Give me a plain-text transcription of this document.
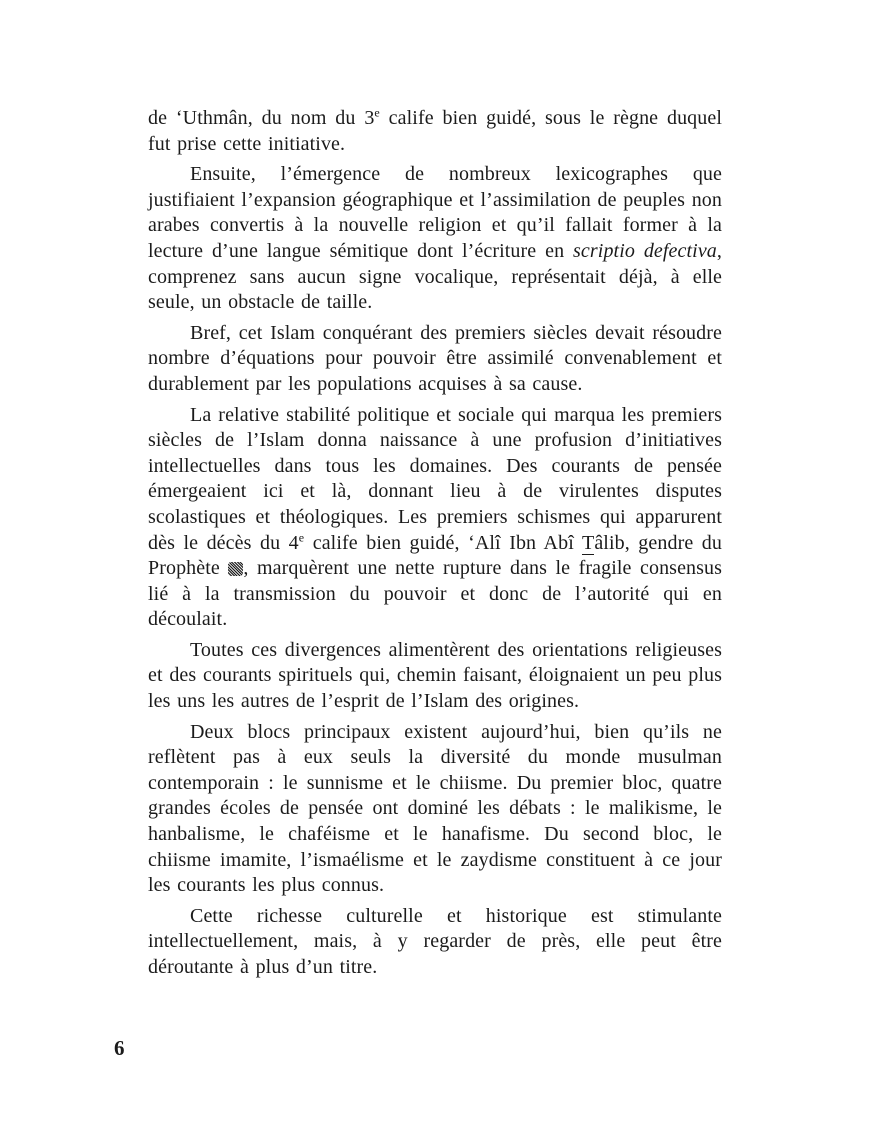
de ‘Uthmân, du nom du 3e calife bien guidé, sous le règne duquel fut prise cette initiative.

Ensuite, l’émergence de nombreux lexicographes que justifiaient l’expansion géographique et l’assimilation de peuples non arabes convertis à la nouvelle religion et qu’il fallait former à la lecture d’une langue sémitique dont l’écriture en scriptio defectiva, comprenez sans aucun signe vocalique, représentait déjà, à elle seule, un obstacle de taille.

Bref, cet Islam conquérant des premiers siècles devait résoudre nombre d’équations pour pouvoir être assimilé convenablement et durablement par les populations acquises à sa cause.

La relative stabilité politique et sociale qui marqua les premiers siècles de l’Islam donna naissance à une profusion d’initiatives intellectuelles dans tous les domaines. Des courants de pensée émergeaient ici et là, donnant lieu à de virulentes disputes scolastiques et théologiques. Les premiers schismes qui apparurent dès le décès du 4e calife bien guidé, ‘Alî Ibn Abî Tâlib, gendre du Prophète , marquèrent une nette rupture dans le fragile consensus lié à la transmission du pouvoir et donc de l’autorité qui en découlait.

Toutes ces divergences alimentèrent des orientations religieuses et des courants spirituels qui, chemin faisant, éloignaient un peu plus les uns les autres de l’esprit de l’Islam des origines.

Deux blocs principaux existent aujourd’hui, bien qu’ils ne reflètent pas à eux seuls la diversité du monde musulman contemporain : le sunnisme et le chiisme. Du premier bloc, quatre grandes écoles de pensée ont dominé les débats : le malikisme, le hanbalisme, le chaféisme et le hanafisme. Du second bloc, le chiisme imamite, l’ismaélisme et le zaydisme constituent à ce jour les courants les plus connus.

Cette richesse culturelle et historique est stimulante intellectuellement, mais, à y regarder de près, elle peut être déroutante à plus d’un titre.

6
